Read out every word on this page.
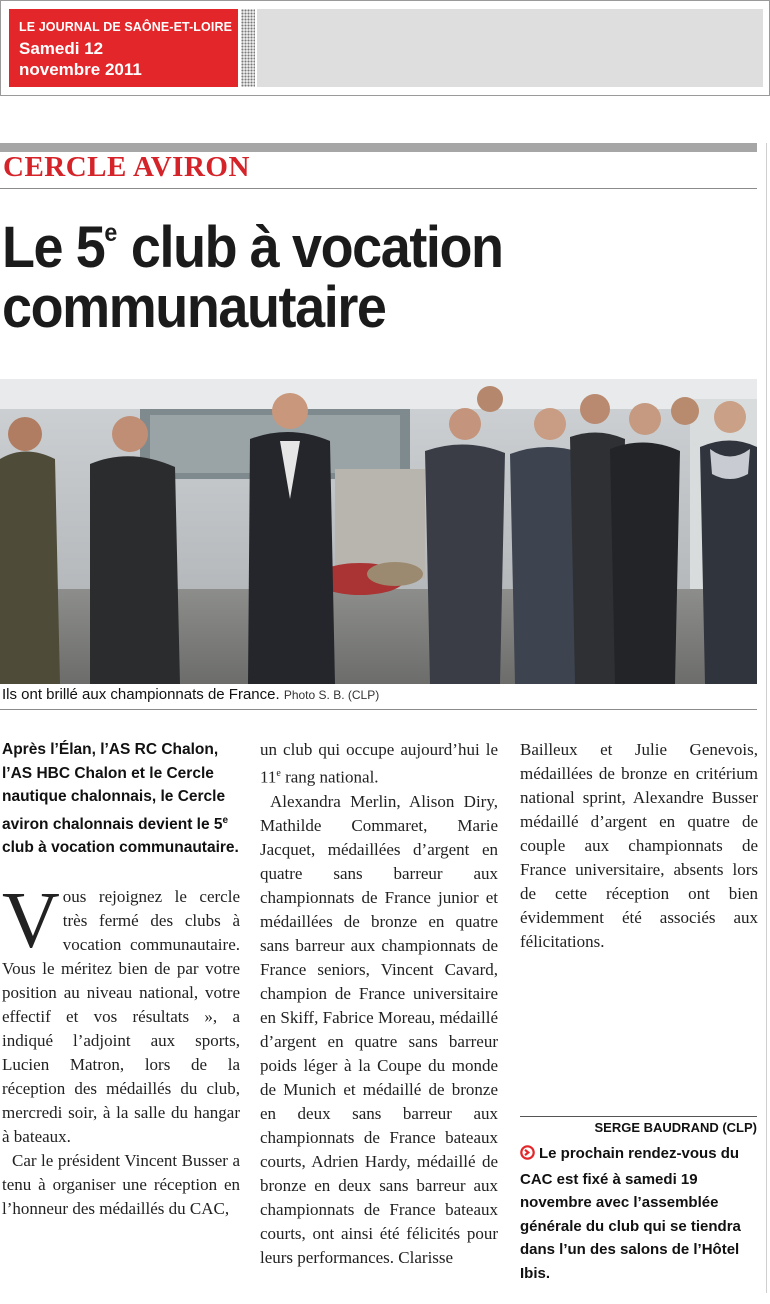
LE JOURNAL DE SAÔNE-ET-LOIRE
Samedi 12
novembre 2011
CERCLE AVIRON
Le 5e club à vocation communautaire
Ils ont brillé aux championnats de France. Photo S. B. (CLP)

Après l’Élan, l’AS RC Chalon, l’AS HBC Chalon et le Cercle nautique chalonnais, le Cercle aviron chalonnais devient le 5e club à vocation communautaire.

Vous rejoignez le cercle très fermé des clubs à vocation communautaire. Vous le méritez bien de par votre position au niveau national, votre effectif et vos résultats », a indiqué l’adjoint aux sports, Lucien Matron, lors de la réception des médaillés du club, mercredi soir, à la salle du hangar à bateaux.
Car le président Vincent Busser a tenu à organiser une réception en l’honneur des médaillés du CAC,

un club qui occupe aujourd’hui le 11e rang national.

Alexandra Merlin, Alison Diry, Mathilde Commaret, Marie Jacquet, médaillées d’argent en quatre sans barreur aux championnats de France junior et médaillées de bronze en quatre sans barreur aux championnats de France seniors, Vincent Cavard, champion de France universitaire en Skiff, Fabrice Moreau, médaillé d’argent en quatre sans barreur poids léger à la Coupe du monde de Munich et médaillé de bronze en deux sans barreur aux championnats de France bateaux courts, Adrien Hardy, médaillé de bronze en deux sans barreur aux championnats de France bateaux courts, ont ainsi été félicités pour leurs performances. Clarisse

Bailleux et Julie Genevois, médaillées de bronze en critérium national sprint, Alexandre Busser médaillé d’argent en quatre de couple aux championnats de France universitaire, absents lors de cette réception ont bien évidemment été associés aux félicitations.

SERGE BAUDRAND (CLP)
Le prochain rendez-vous du CAC est fixé à samedi 19 novembre avec l’assemblée générale du club qui se tiendra dans l’un des salons de l’Hôtel Ibis.
